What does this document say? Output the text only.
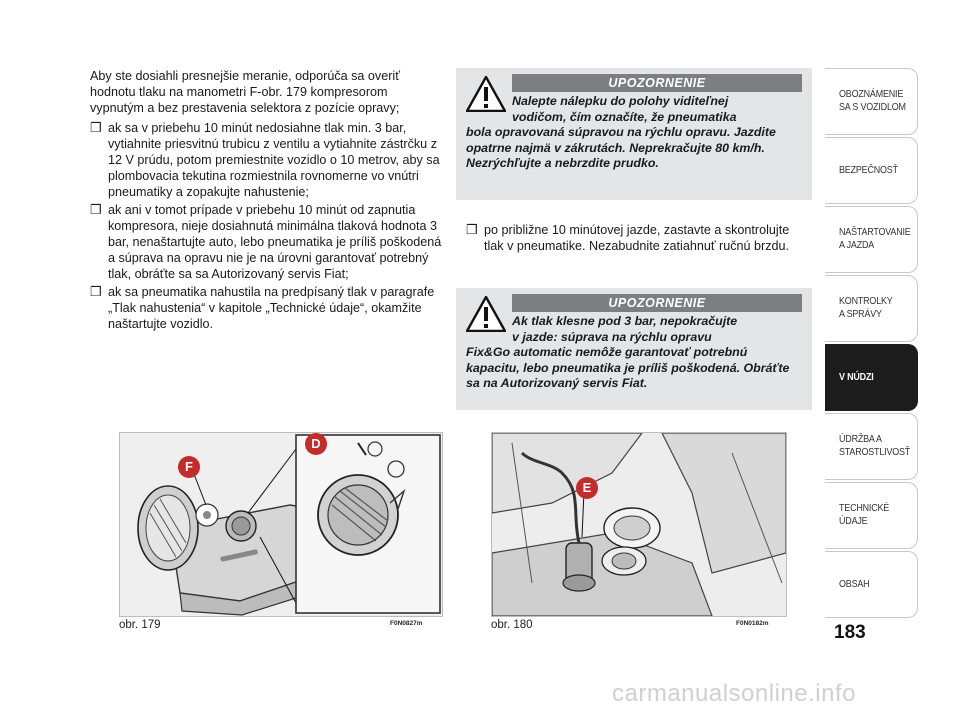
Aby ste dosiahli presnejšie meranie, odporúča sa overiť hodnotu tlaku na manometri F-obr. 179 kompresorom vypnutým a bez prestavenia selektora z pozície opravy;

❒ ak sa v priebehu 10 minút nedosiahne tlak min. 3 bar, vytiahnite priesvitnú trubicu z ventilu a vytiahnite zástrčku z 12 V prúdu, potom premiestnite vozidlo o 10 metrov, aby sa plombovacia tekutina rozmiestnila rovnomerne vo vnútri pneumatiky a zopakujte nahustenie;
❒ ak ani v tomot prípade v priebehu 10 minút od zapnutia kompresora, nieje dosiahnutá minimálna tlaková hodnota 3 bar, nenaštartujte auto, lebo pneumatika je príliš poškodená a súprava na opravu nie je na úrovni garantovať potrebný tlak, obráťte sa sa Autorizovaný servis Fiat;
❒ ak sa pneumatika nahustila na predpísaný tlak v paragrafe „Tlak nahustenia“ v kapitole „Technické údaje“, okamžite naštartujte vozidlo.
UPOZORNENIE
Nalepte nálepku do polohy viditeľnej
vodičom, čím označíte, že pneumatika
bola opravovaná súpravou na rýchlu opravu. Jazdite opatrne najmä v zákrutách. Neprekračujte 80 km/h. Nezrýchľujte a nebrzdite prudko.
❒ po približne 10 minútovej jazde, zastavte a skontrolujte tlak v pneumatike. Nezabudnite zatiahnuť ručnú brzdu.
UPOZORNENIE
Ak tlak klesne pod 3 bar, nepokračujte
v jazde: súprava na rýchlu opravu
Fix&Go automatic nemôže garantovať potrebnú kapacitu, lebo pneumatika je príliš poškodená. Obráťte sa na Autorizovaný servis Fiat.
F
D
obr. 179	F0N0827m
E
obr. 180	F0N0182m	183
OBOZNÁMENIE
SA S VOZIDLOM
BEZPEČNOSŤ
NAŠTARTOVANIE
A JAZDA
KONTROLKY
A SPRÁVY
V NÚDZI
ÚDRŽBA A
STAROSTLIVOSŤ
TECHNICKÉ
ÚDAJE
OBSAH
carmanualsonline.info
